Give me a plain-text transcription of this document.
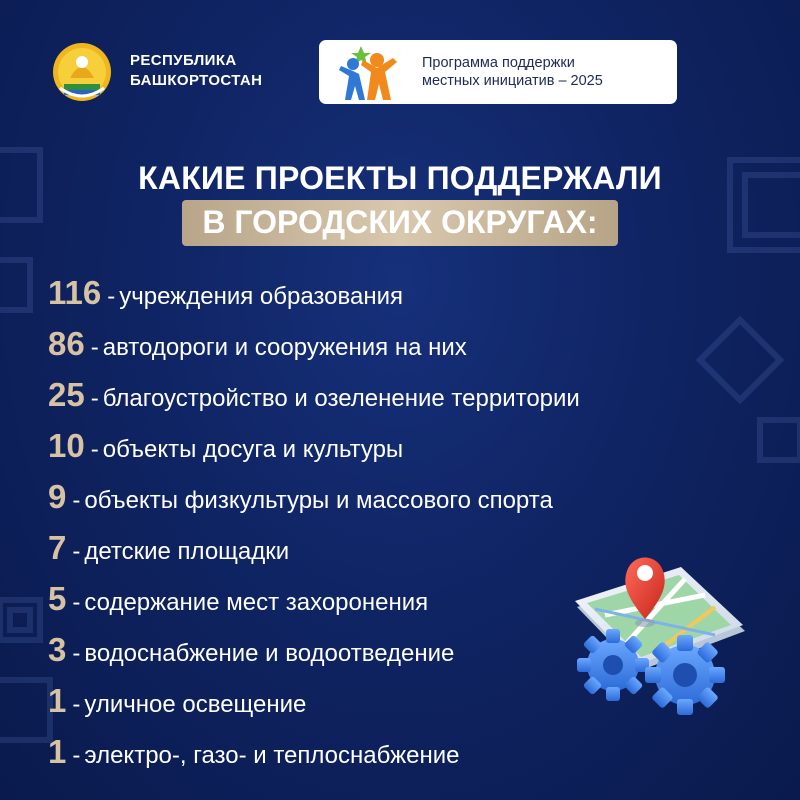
РЕСПУБЛИКА
БАШКОРТОСТАН
Программа поддержки
местных инициатив – 2025
КАКИЕ ПРОЕКТЫ ПОДДЕРЖАЛИ
В ГОРОДСКИХ ОКРУГАХ:
116 - учреждения образования
86 - автодороги и сооружения на них
25 - благоустройство и озеленение территории
10 - объекты досуга и культуры
9 - объекты физкультуры и массового спорта
7 - детские площадки
5 - содержание мест захоронения
3 - водоснабжение и водоотведение
1 - уличное освещение
1 - электро-, газо- и теплоснабжение
